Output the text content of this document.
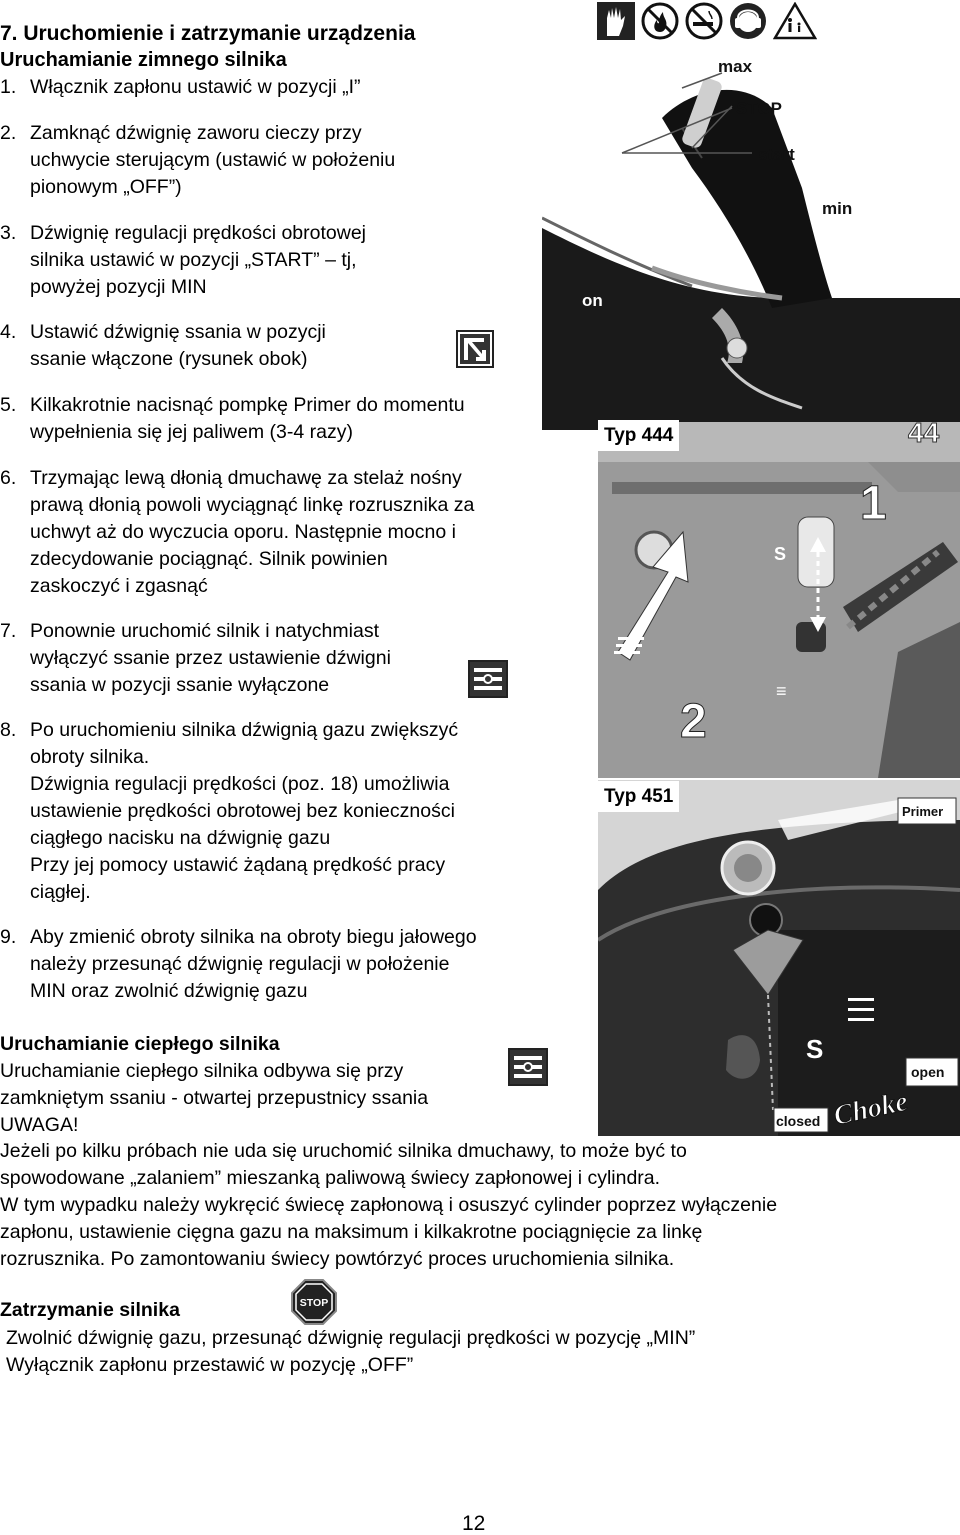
7. Uruchomienie i zatrzymanie urządzenia
Uruchamianie zimnego silnika
1. Włącznik zapłonu ustawić w pozycji „I”
2. Zamknąć dźwignię zaworu cieczy przy
uchwycie sterującym (ustawić w położeniu
pionowym „OFF”)
3. Dźwignię regulacji prędkości obrotowej
silnika ustawić w pozycji „START” – tj,
powyżej pozycji MIN
4. Ustawić dźwignię ssania w pozycji
ssanie włączone (rysunek obok)
5. Kilkakrotnie nacisnąć pompkę Primer do momentu
wypełnienia się jej paliwem (3-4 razy)
6. Trzymając lewą dłonią dmuchawę za stelaż nośny
prawą dłonią powoli wyciągnąć linkę rozrusznika za
uchwyt aż do wyczucia oporu. Następnie mocno i
zdecydowanie pociągnąć. Silnik powinien
zaskoczyć i zgasnąć
7. Ponownie uruchomić silnik i natychmiast
wyłączyć ssanie przez ustawienie dźwigni
ssania w pozycji ssanie wyłączone
8. Po uruchomieniu silnika dźwignią gazu zwiększyć
obroty silnika.
Dźwignia regulacji prędkości (poz. 18) umożliwia
ustawienie prędkości obrotowej bez konieczności
ciągłego nacisku na dźwignię gazu
Przy jej pomocy ustawić żądaną prędkość pracy
ciągłej.
9. Aby zmienić obroty silnika na obroty biegu jałowego
należy przesunąć dźwignię regulacji w położenie
MIN oraz zwolnić dźwignię gazu
Uruchamianie ciepłego silnika
Uruchamianie ciepłego silnika odbywa się przy
zamkniętym ssaniu - otwartej przepustnicy ssania
UWAGA!
Jeżeli po kilku próbach nie uda się uruchomić silnika dmuchawy, to może być to
spowodowane „zalaniem” mieszanką paliwową świecy zapłonowej i cylindra.
W tym wypadku należy wykręcić świecę zapłonową i osuszyć cylinder poprzez wyłączenie
zapłonu, ustawienie cięgna gazu na maksimum i kilkakrotne pociągnięcie za linkę
rozrusznika. Po zamontowaniu świecy powtórzyć proces uruchomienia silnika.
Zatrzymanie silnika	STOP
Zwolnić dźwignię gazu, przesunąć dźwignię regulacji prędkości w pozycję „MIN”
Wyłącznik zapłonu przestawić w pozycję „OFF”
max
STOP
start
min
off
on
S
≡
1
2
44
Typ 444
Primer
open
closed Choke
S
Typ 451
12
